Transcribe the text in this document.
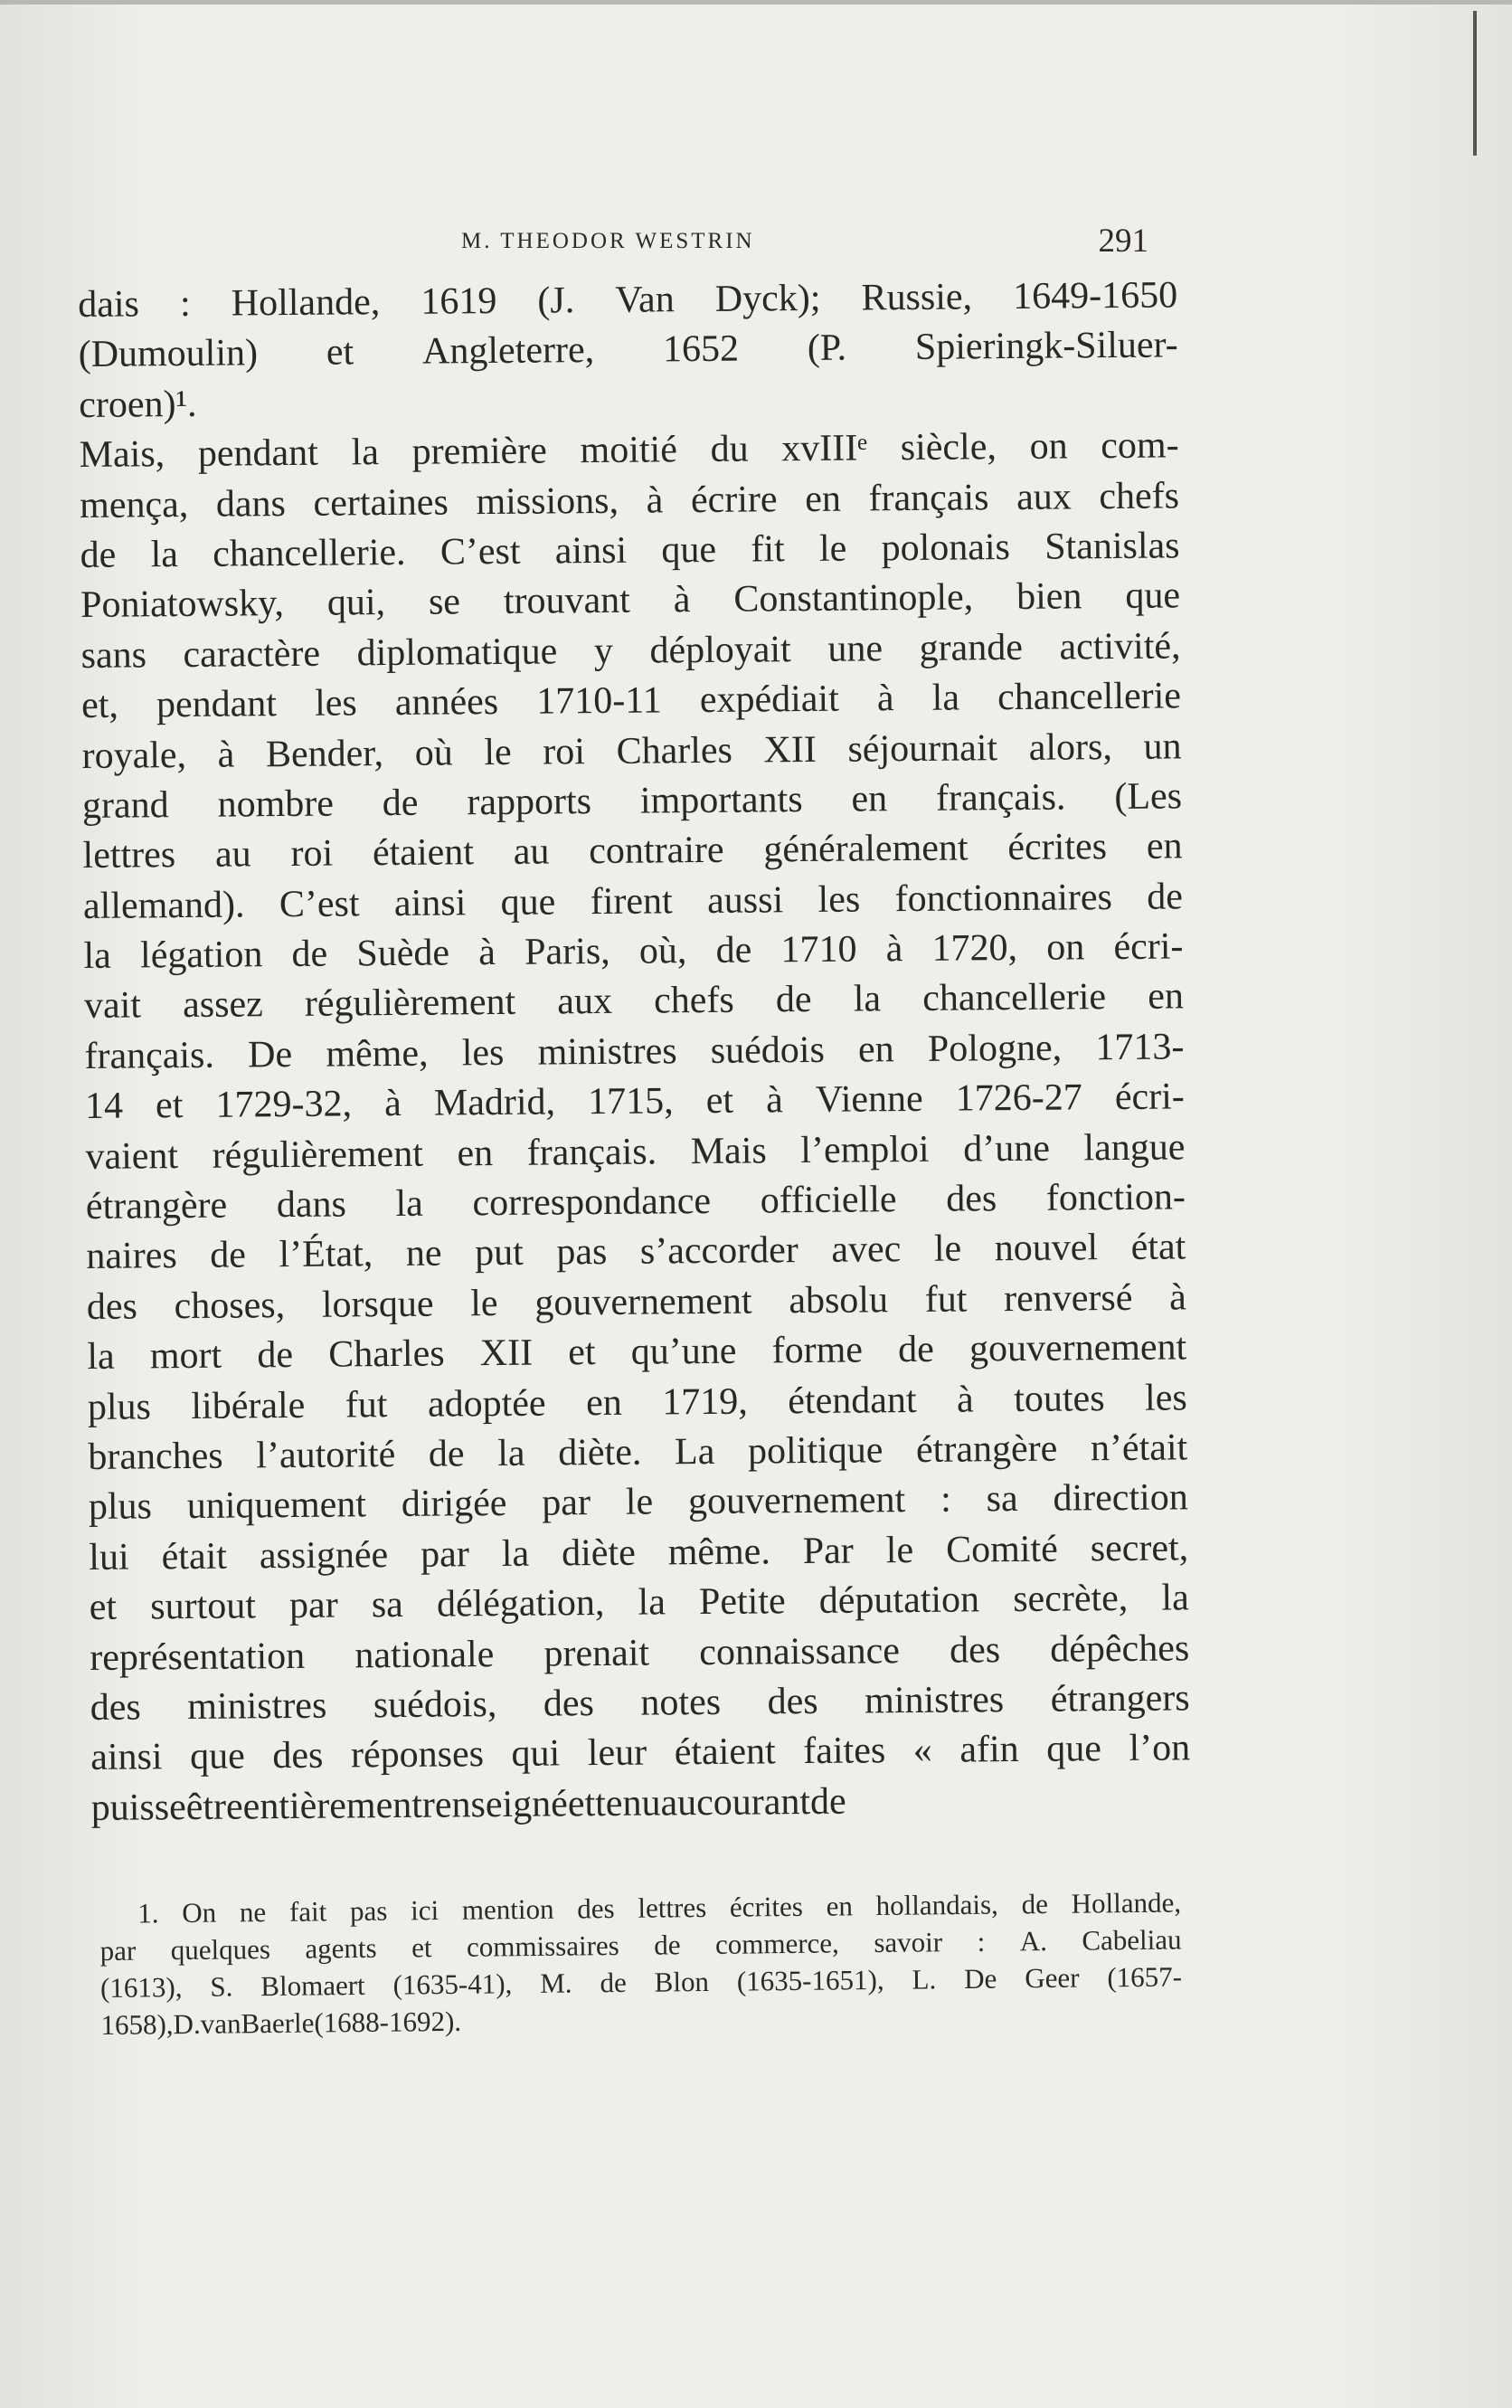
M. THEODOR WESTRIN	291
dais : Hollande, 1619 (J. Van Dyck); Russie, 1649-1650
(Dumoulin) et Angleterre, 1652 (P. Spieringk-Siluer-
croen)¹.
Mais, pendant la première moitié du xvIIIᵉ siècle, on com-
mença, dans certaines missions, à écrire en français aux chefs
de la chancellerie. C’est ainsi que fit le polonais Stanislas
Poniatowsky, qui, se trouvant à Constantinople, bien que
sans caractère diplomatique y déployait une grande activité,
et, pendant les années 1710-11 expédiait à la chancellerie
royale, à Bender, où le roi Charles XII séjournait alors, un
grand nombre de rapports importants en français. (Les
lettres au roi étaient au contraire généralement écrites en
allemand). C’est ainsi que firent aussi les fonctionnaires de
la légation de Suède à Paris, où, de 1710 à 1720, on écri-
vait assez régulièrement aux chefs de la chancellerie en
français. De même, les ministres suédois en Pologne, 1713-
14 et 1729-32, à Madrid, 1715, et à Vienne 1726-27 écri-
vaient régulièrement en français. Mais l’emploi d’une langue
étrangère dans la correspondance officielle des fonction-
naires de l’État, ne put pas s’accorder avec le nouvel état
des choses, lorsque le gouvernement absolu fut renversé à
la mort de Charles XII et qu’une forme de gouvernement
plus libérale fut adoptée en 1719, étendant à toutes les
branches l’autorité de la diète. La politique étrangère n’était
plus uniquement dirigée par le gouvernement : sa direction
lui était assignée par la diète même. Par le Comité secret,
et surtout par sa délégation, la Petite députation secrète, la
représentation nationale prenait connaissance des dépêches
des ministres suédois, des notes des ministres étrangers
ainsi que des réponses qui leur étaient faites « afin que l’on
puisse être entièrement renseigné et tenu au courant de
1. On ne fait pas ici mention des lettres écrites en hollandais, de Hollande,
par quelques agents et commissaires de commerce, savoir : A. Cabeliau
(1613), S. Blomaert (1635-41), M. de Blon (1635-1651), L. De Geer (1657-
1658), D. van Baerle (1688-1692).
